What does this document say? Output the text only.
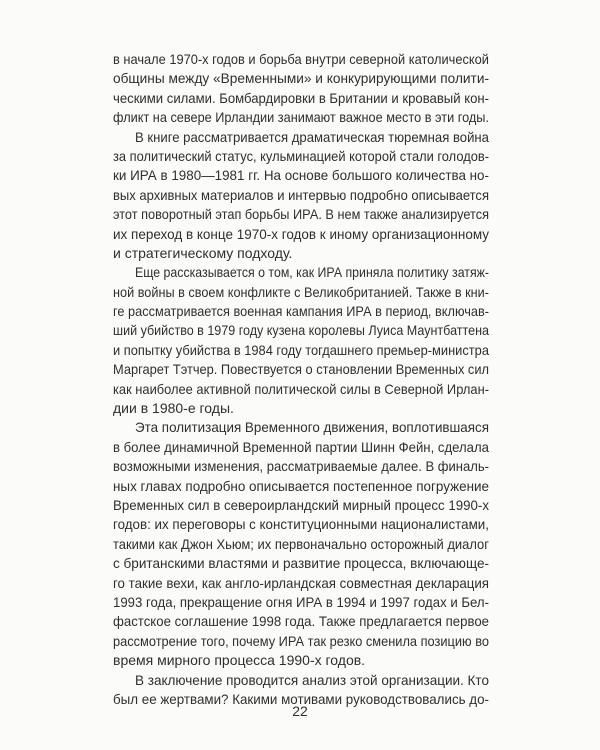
в начале 1970-х годов и борьба внутри северной католической
общины между «Временными» и конкурирующими полити-
ческими силами. Бомбардировки в Британии и кровавый кон-
фликт на севере Ирландии занимают важное место в эти годы.
В книге рассматривается драматическая тюремная война
за политический статус, кульминацией которой стали голодов-
ки ИРА в 1980—1981 гг. На основе большого количества но-
вых архивных материалов и интервью подробно описывается
этот поворотный этап борьбы ИРА. В нем также анализируется
их переход в конце 1970-х годов к иному организационному
и стратегическому подходу.
Еще рассказывается о том, как ИРА приняла политику затяж-
ной войны в своем конфликте с Великобританией. Также в кни-
ге рассматривается военная кампания ИРА в период, включав-
ший убийство в 1979 году кузена королевы Луиса Маунтбаттена
и попытку убийства в 1984 году тогдашнего премьер-министра
Маргарет Тэтчер. Повествуется о становлении Временных сил
как наиболее активной политической силы в Северной Ирлан-
дии в 1980-е годы.
Эта политизация Временного движения, воплотившаяся
в более динамичной Временной партии Шинн Фейн, сделала
возможными изменения, рассматриваемые далее. В финаль-
ных главах подробно описывается постепенное погружение
Временных сил в североирландский мирный процесс 1990-х
годов: их переговоры с конституционными националистами,
такими как Джон Хьюм; их первоначально осторожный диалог
с британскими властями и развитие процесса, включающе-
го такие вехи, как англо-ирландская совместная декларация
1993 года, прекращение огня ИРА в 1994 и 1997 годах и Бел-
фастское соглашение 1998 года. Также предлагается первое
рассмотрение того, почему ИРА так резко сменила позицию во
время мирного процесса 1990-х годов.
В заключение проводится анализ этой организации. Кто
был ее жертвами? Какими мотивами руководствовались до-
22
